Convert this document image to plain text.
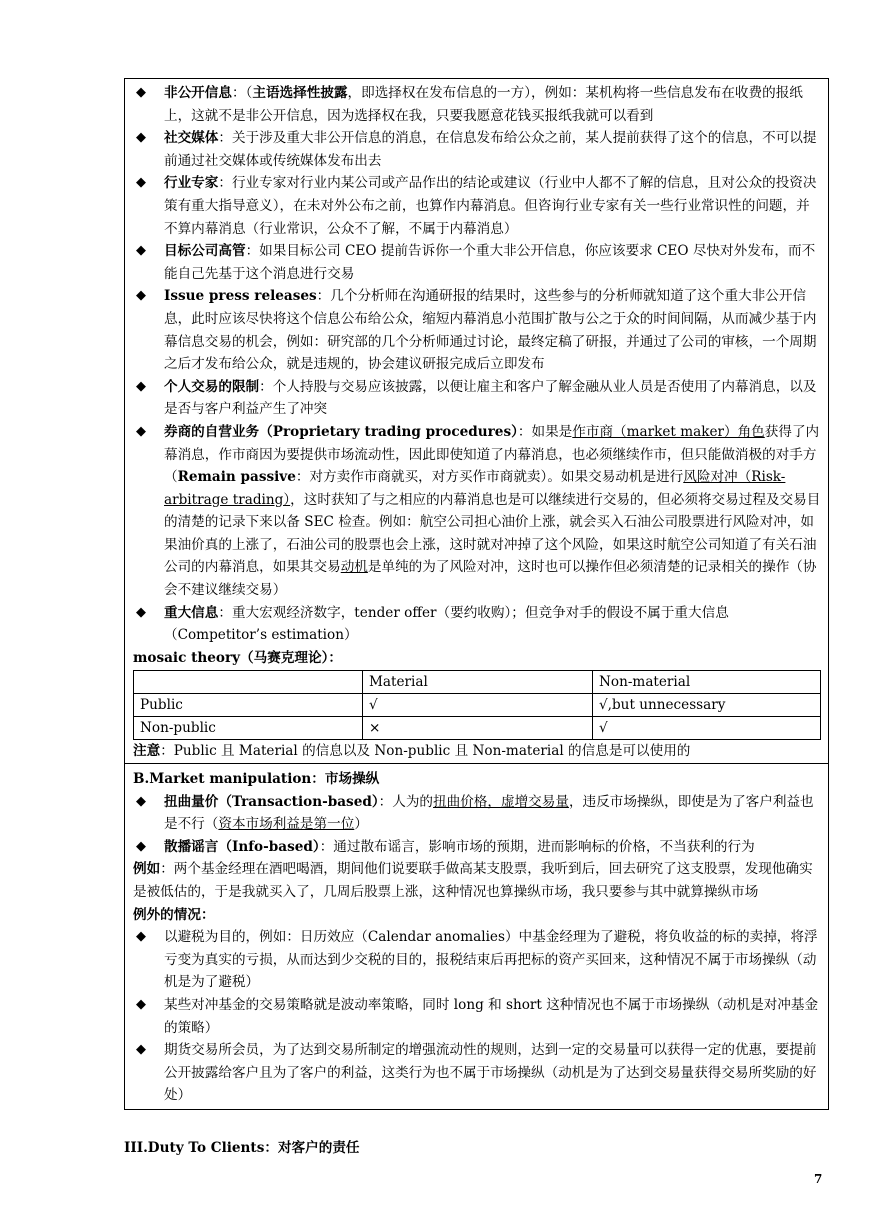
◆ 非公开信息：（主语选择性披露，即选择权在发布信息的一方），例如：某机构将一些信息发布在收费的报纸上，这就不是非公开信息，因为选择权在我，只要我愿意花钱买报纸我就可以看到
◆ 社交媒体：关于涉及重大非公开信息的消息，在信息发布给公众之前，某人提前获得了这个的信息，不可以提前通过社交媒体或传统媒体发布出去
◆ 行业专家：行业专家对行业内某公司或产品作出的结论或建议（行业中人都不了解的信息，且对公众的投资决策有重大指导意义），在未对外公布之前，也算作内幕消息。但咨询行业专家有关一些行业常识性的问题，并不算内幕消息（行业常识，公众不了解，不属于内幕消息）
◆ 目标公司高管：如果目标公司 CEO 提前告诉你一个重大非公开信息，你应该要求 CEO 尽快对外发布，而不能自己先基于这个消息进行交易
◆ Issue press releases：几个分析师在沟通研报的结果时，这些参与的分析师就知道了这个重大非公开信息，此时应该尽快将这个信息公布给公众，缩短内幕消息小范围扩散与公之于众的时间间隔，从而减少基于内幕信息交易的机会，例如：研究部的几个分析师通过讨论，最终定稿了研报，并通过了公司的审核，一个周期之后才发布给公众，就是违规的，协会建议研报完成后立即发布
◆ 个人交易的限制：个人持股与交易应该披露，以便让雇主和客户了解金融从业人员是否使用了内幕消息，以及是否与客户利益产生了冲突
◆ 券商的自营业务（Proprietary trading procedures）：如果是作市商（market maker）角色获得了内幕消息，作市商因为要提供市场流动性，因此即使知道了内幕消息，也必须继续作市，但只能做消极的对手方（Remain passive：对方卖作市商就买，对方买作市商就卖）。如果交易动机是进行风险对冲（Risk-arbitrage trading），这时获知了与之相应的内幕消息也是可以继续进行交易的，但必须将交易过程及交易目的清楚的记录下来以备 SEC 检查。例如：航空公司担心油价上涨，就会买入石油公司股票进行风险对冲，如果油价真的上涨了，石油公司的股票也会上涨，这时就对冲掉了这个风险，如果这时航空公司知道了有关石油公司的内幕消息，如果其交易动机是单纯的为了风险对冲，这时也可以操作但必须清楚的记录相关的操作（协会不建议继续交易）
◆ 重大信息：重大宏观经济数字，tender offer（要约收购）；但竞争对手的假设不属于重大信息（Competitor’s estimation）
mosaic theory（马赛克理论）：
	Material	Non-material
Public	√	√,but unnecessary
Non-public	×	√
注意：Public 且 Material 的信息以及 Non-public 且 Non-material 的信息是可以使用的
B.Market manipulation：市场操纵
◆ 扭曲量价（Transaction-based）：人为的扭曲价格，虚增交易量，违反市场操纵，即使是为了客户利益也是不行（资本市场利益是第一位）
◆ 散播谣言（Info-based）：通过散布谣言，影响市场的预期，进而影响标的价格，不当获利的行为
例如：两个基金经理在酒吧喝酒，期间他们说要联手做高某支股票，我听到后，回去研究了这支股票，发现他确实是被低估的，于是我就买入了，几周后股票上涨，这种情况也算操纵市场，我只要参与其中就算操纵市场
例外的情况：
◆ 以避税为目的，例如：日历效应（Calendar anomalies）中基金经理为了避税，将负收益的标的卖掉，将浮亏变为真实的亏损，从而达到少交税的目的，报税结束后再把标的资产买回来，这种情况不属于市场操纵（动机是为了避税）
◆ 某些对冲基金的交易策略就是波动率策略，同时 long 和 short 这种情况也不属于市场操纵（动机是对冲基金的策略）
◆ 期货交易所会员，为了达到交易所制定的增强流动性的规则，达到一定的交易量可以获得一定的优惠，要提前公开披露给客户且为了客户的利益，这类行为也不属于市场操纵（动机是为了达到交易量获得交易所奖励的好处）
III.Duty To Clients：对客户的责任
7
